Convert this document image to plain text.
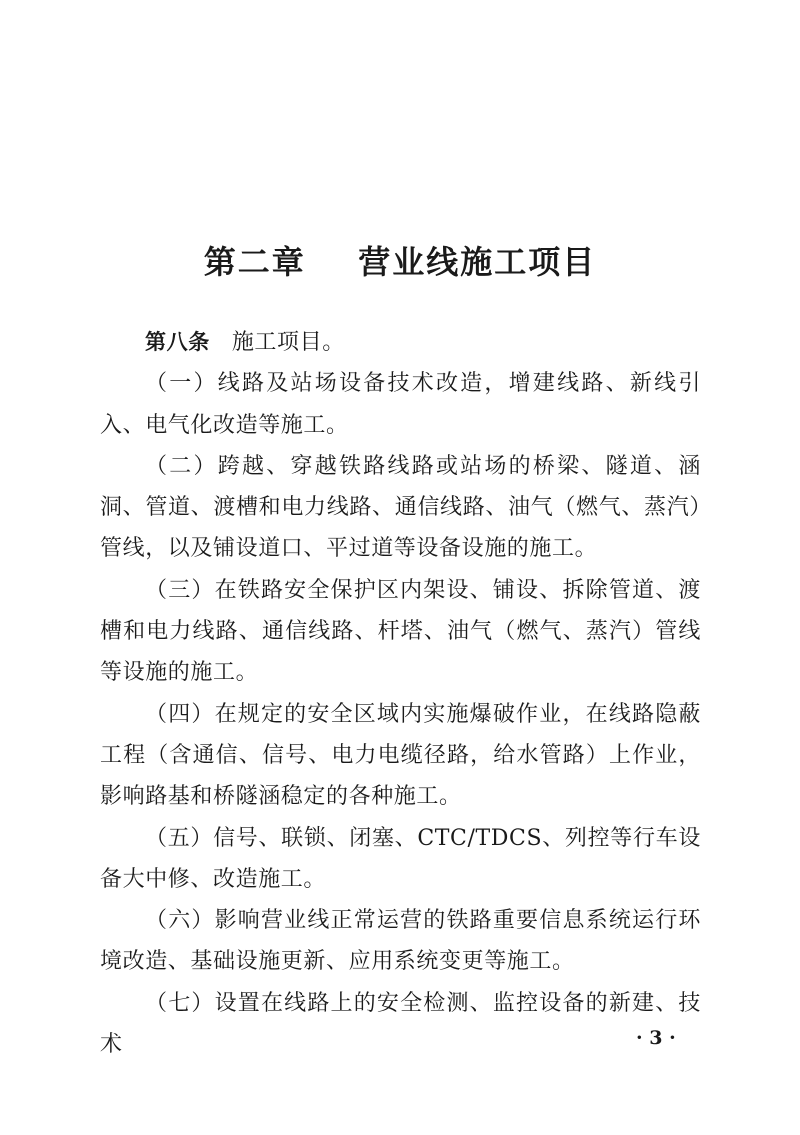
第二章    营业线施工项目

第八条 施工项目。

（一）线路及站场设备技术改造，增建线路、新线引入、电气化改造等施工。

（二）跨越、穿越铁路线路或站场的桥梁、隧道、涵洞、管道、渡槽和电力线路、通信线路、油气（燃气、蒸汽）管线，以及铺设道口、平过道等设备设施的施工。

（三）在铁路安全保护区内架设、铺设、拆除管道、渡槽和电力线路、通信线路、杆塔、油气（燃气、蒸汽）管线等设施的施工。

（四）在规定的安全区域内实施爆破作业，在线路隐蔽工程（含通信、信号、电力电缆径路，给水管路）上作业，影响路基和桥隧涵稳定的各种施工。

（五）信号、联锁、闭塞、CTC/TDCS、列控等行车设备大中修、改造施工。

（六）影响营业线正常运营的铁路重要信息系统运行环境改造、基础设施更新、应用系统变更等施工。

（七）设置在线路上的安全检测、监控设备的新建、技术	· 3 ·
